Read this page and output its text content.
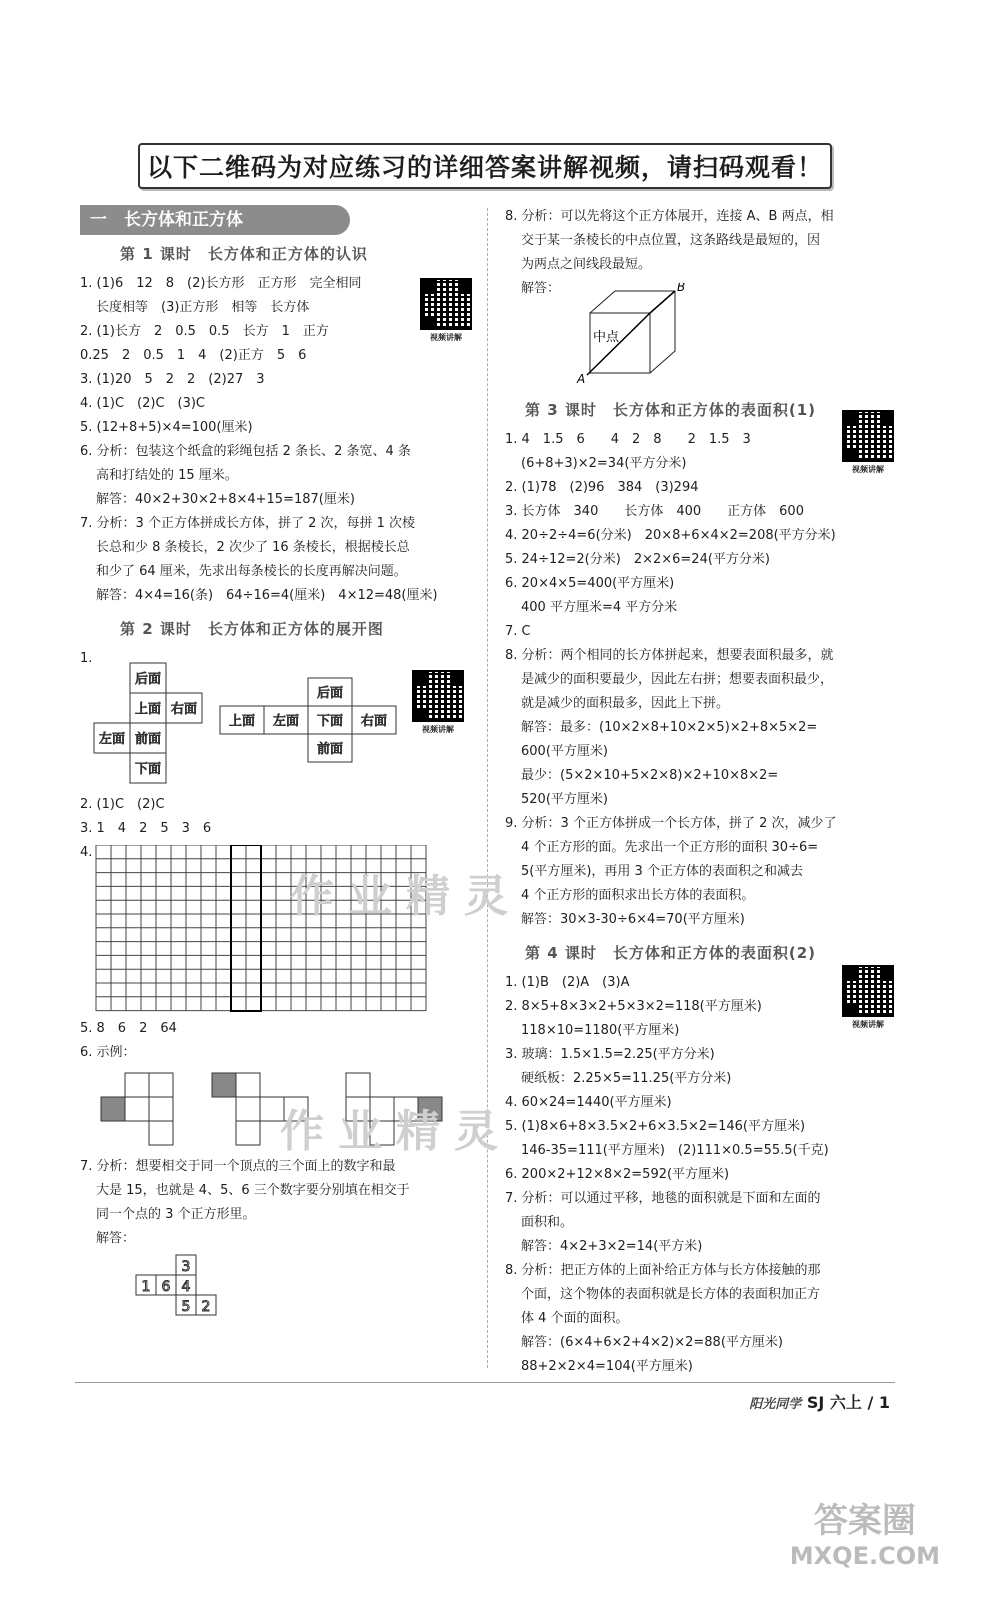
以下二维码为对应练习的详细答案讲解视频，请扫码观看！
一　长方体和正方体
第 1 课时　长方体和正方体的认识
1. (1)6　12　8　(2)长方形　正方形　完全相同
长度相等　(3)正方形　相等　长方体
2. (1)长方　2　0.5　0.5　长方　1　正方
0.25　2　0.5　1　4　(2)正方　5　6
3. (1)20　5　2　2　(2)27　3
4. (1)C　(2)C　(3)C
5. (12+8+5)×4=100(厘米)
6. 分析：包装这个纸盒的彩绳包括 2 条长、2 条宽、4 条
高和打结处的 15 厘米。
解答：40×2+30×2+8×4+15=187(厘米)
7. 分析：3 个正方体拼成长方体，拼了 2 次，每拼 1 次棱
长总和少 8 条棱长，2 次少了 16 条棱长，根据棱长总
和少了 64 厘米，先求出每条棱长的长度再解决问题。
解答：4×4=16(条)　64÷16=4(厘米)　4×12=48(厘米)
第 2 课时　长方体和正方体的展开图
1.
后面
上面 右面
左面 前面
下面
后面
上面 左面 下面 右面
前面
2. (1)C　(2)C
3. 1　4　2　5　3　6
4.
5. 8　6　2　64
6. 示例：
7. 分析：想要相交于同一个顶点的三个面上的数字和最
大是 15，也就是 4、5、6 三个数字要分别填在相交于
同一个点的 3 个正方形里。
解答：
3
1 6 4
5 2
视频讲解
视频讲解
视频讲解
视频讲解
8. 分析：可以先将这个正方体展开，连接 A、B 两点，相
交于某一条棱长的中点位置，这条路线是最短的，因
为两点之间线段最短。
解答：
中点
A
B
第 3 课时　长方体和正方体的表面积(1)
1. 4　1.5　6　　4　2　8　　2　1.5　3
(6+8+3)×2=34(平方分米)
2. (1)78　(2)96　384　(3)294
3. 长方体　340　　长方体　400　　正方体　600
4. 20÷2÷4=6(分米)　20×8+6×4×2=208(平方分米)
5. 24÷12=2(分米)　2×2×6=24(平方分米)
6. 20×4×5=400(平方厘米)
400 平方厘米=4 平方分米
7. C
8. 分析：两个相同的长方体拼起来，想要表面积最多，就
是减少的面积要最少，因此左右拼；想要表面积最少，
就是减少的面积最多，因此上下拼。
解答：最多：(10×2×8+10×2×5)×2+8×5×2=
600(平方厘米)
最少：(5×2×10+5×2×8)×2+10×8×2=
520(平方厘米)
9. 分析：3 个正方体拼成一个长方体，拼了 2 次，减少了
4 个正方形的面。先求出一个正方形的面积 30÷6=
5(平方厘米)，再用 3 个正方体的表面积之和减去
4 个正方形的面积求出长方体的表面积。
解答：30×3-30÷6×4=70(平方厘米)
第 4 课时　长方体和正方体的表面积(2)
1. (1)B　(2)A　(3)A
2. 8×5+8×3×2+5×3×2=118(平方厘米)
118×10=1180(平方厘米)
3. 玻璃：1.5×1.5=2.25(平方分米)
硬纸板：2.25×5=11.25(平方分米)
4. 60×24=1440(平方厘米)
5. (1)8×6+8×3.5×2+6×3.5×2=146(平方厘米)
146-35=111(平方厘米)　(2)111×0.5=55.5(千克)
6. 200×2+12×8×2=592(平方厘米)
7. 分析：可以通过平移，地毯的面积就是下面和左面的
面积和。
解答：4×2+3×2=14(平方米)
8. 分析：把正方体的上面补给正方体与长方体接触的那
个面，这个物体的表面积就是长方体的表面积加正方
体 4 个面的面积。
解答：(6×4+6×2+4×2)×2=88(平方厘米)
88+2×2×4=104(平方厘米)
阳光同学 SJ 六上 / 1
作业精灵
作业精灵
答案圈
MXQE.COM
